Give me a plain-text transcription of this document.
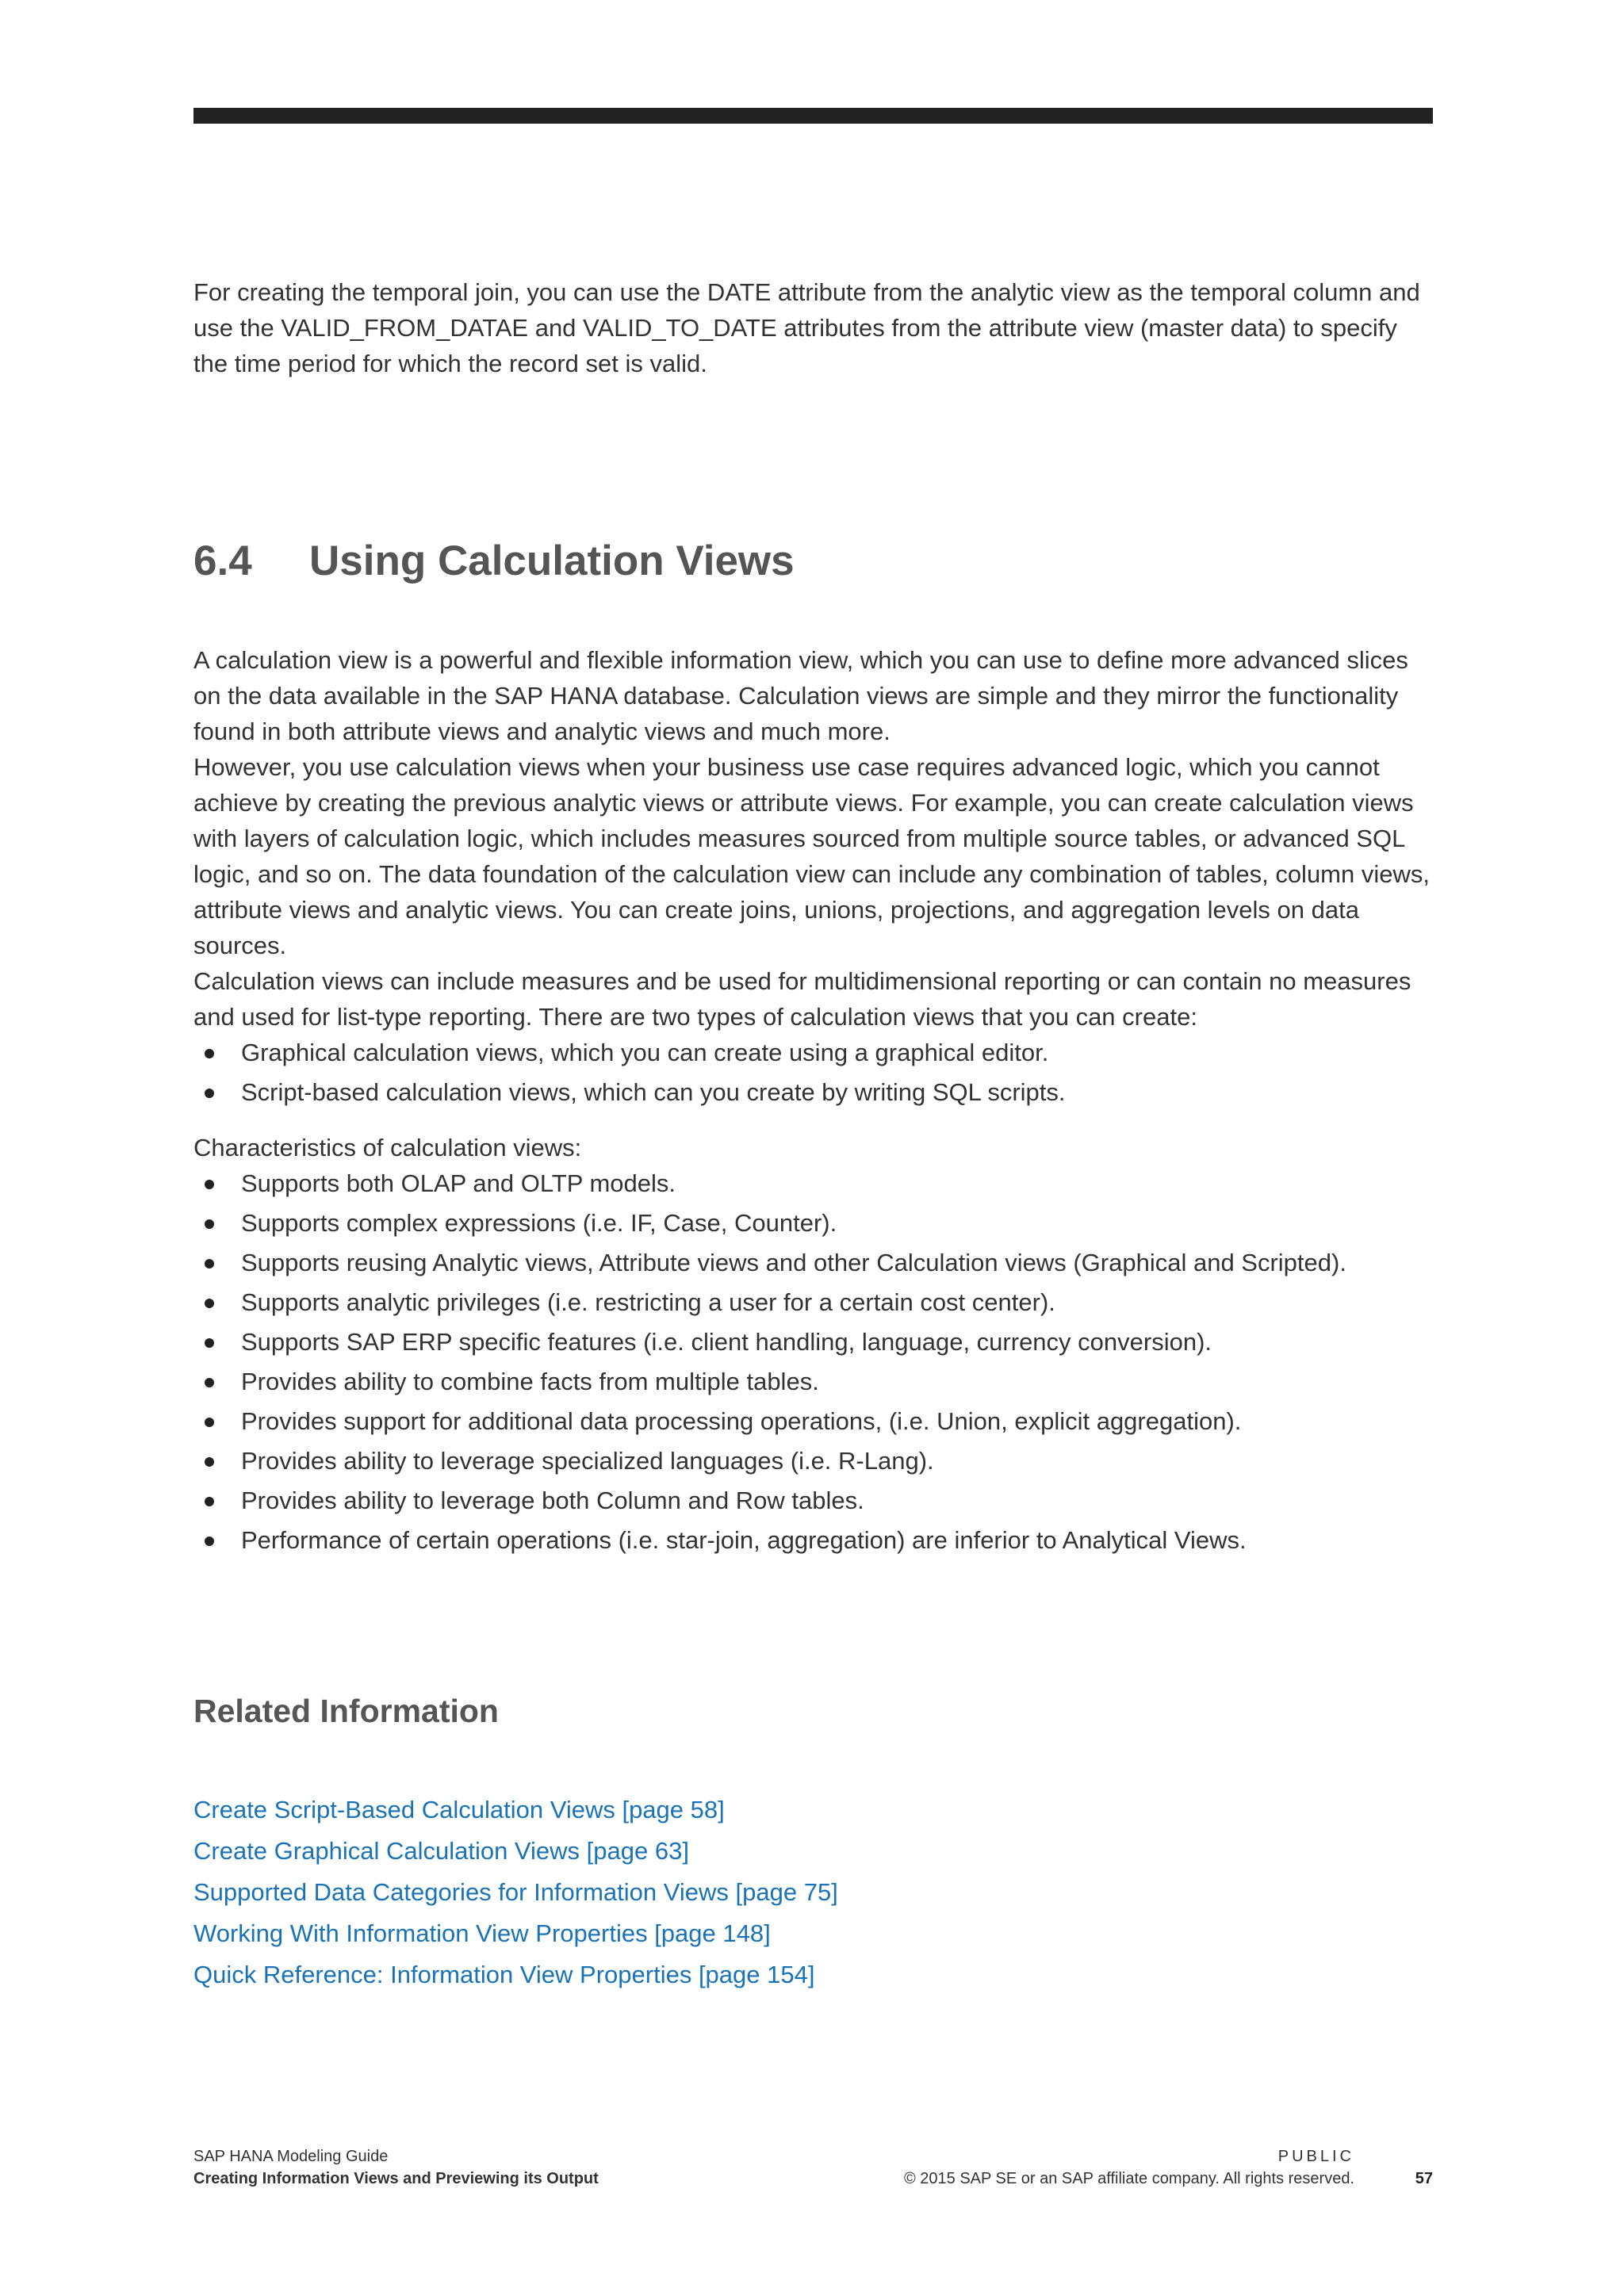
For creating the temporal join, you can use the DATE attribute from the analytic view as the temporal column and use the VALID_FROM_DATAE and VALID_TO_DATE attributes from the attribute view (master data) to specify the time period for which the record set is valid.

6.4 Using Calculation Views

A calculation view is a powerful and flexible information view, which you can use to define more advanced slices on the data available in the SAP HANA database. Calculation views are simple and they mirror the functionality found in both attribute views and analytic views and much more.

However, you use calculation views when your business use case requires advanced logic, which you cannot achieve by creating the previous analytic views or attribute views. For example, you can create calculation views with layers of calculation logic, which includes measures sourced from multiple source tables, or advanced SQL logic, and so on. The data foundation of the calculation view can include any combination of tables, column views, attribute views and analytic views. You can create joins, unions, projections, and aggregation levels on data sources.

Calculation views can include measures and be used for multidimensional reporting or can contain no measures and used for list-type reporting. There are two types of calculation views that you can create:

Graphical calculation views, which you can create using a graphical editor.
Script-based calculation views, which can you create by writing SQL scripts.

Characteristics of calculation views:

Supports both OLAP and OLTP models.
Supports complex expressions (i.e. IF, Case, Counter).
Supports reusing Analytic views, Attribute views and other Calculation views (Graphical and Scripted).
Supports analytic privileges (i.e. restricting a user for a certain cost center).
Supports SAP ERP specific features (i.e. client handling, language, currency conversion).
Provides ability to combine facts from multiple tables.
Provides support for additional data processing operations, (i.e. Union, explicit aggregation).
Provides ability to leverage specialized languages (i.e. R-Lang).
Provides ability to leverage both Column and Row tables.
Performance of certain operations (i.e. star-join, aggregation) are inferior to Analytical Views.
Related Information
Create Script-Based Calculation Views [page 58]
Create Graphical Calculation Views [page 63]
Supported Data Categories for Information Views [page 75]
Working With Information View Properties [page 148]
Quick Reference: Information View Properties [page 154]
SAP HANA Modeling Guide
Creating Information Views and Previewing its Output
PUBLIC
© 2015 SAP SE or an SAP affiliate company. All rights reserved.	57
